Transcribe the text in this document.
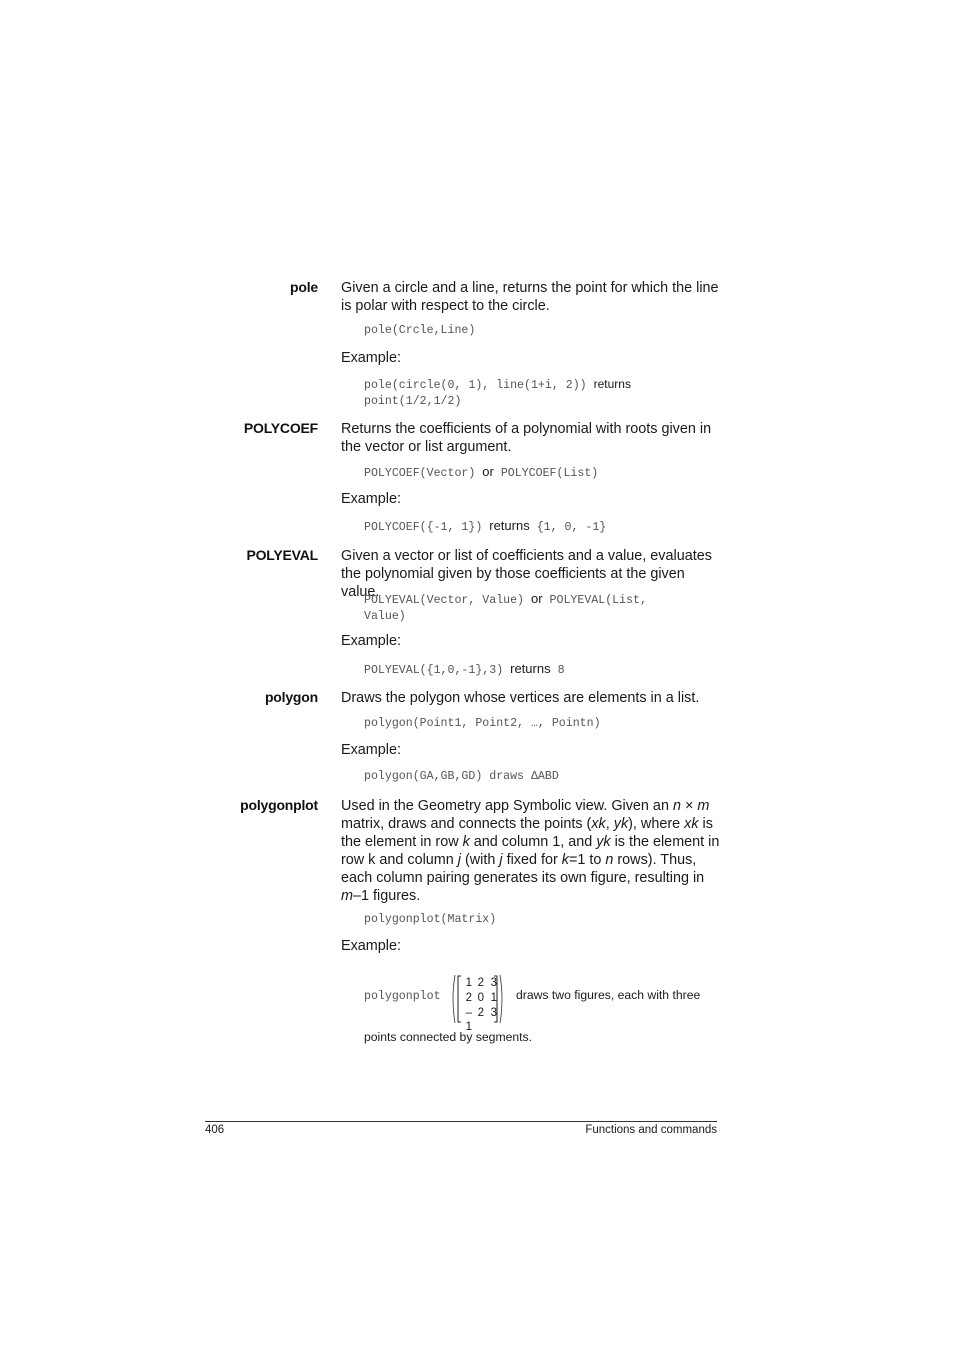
pole Given a circle and a line, returns the point for which the line is polar with respect to the circle.
pole(Crcle,Line)
Example:
pole(circle(0, 1), line(1+i, 2)) returns
point(1/2,1/2)
POLYCOEF Returns the coefficients of a polynomial with roots given in the vector or list argument.
POLYCOEF(Vector) or POLYCOEF(List)
Example:
POLYCOEF({-1, 1}) returns {1, 0, -1}
POLYEVAL Given a vector or list of coefficients and a value, evaluates the polynomial given by those coefficients at the given value.
POLYEVAL(Vector, Value) or POLYEVAL(List,
Value)
Example:
POLYEVAL({1,0,-1},3) returns 8
polygon Draws the polygon whose vertices are elements in a list.
polygon(Point1, Point2, …, Pointn)
Example:
polygon(GA,GB,GD) draws ΔABD
polygonplot Used in the Geometry app Symbolic view. Given an n × m matrix, draws and connects the points (xk, yk), where xk is the element in row k and column 1, and yk is the element in row k and column j (with j fixed for k=1 to n rows). Thus, each column pairing generates its own figure, resulting in m–1 figures.
polygonplot(Matrix)
Example:
polygonplot
1 2 3
2 0 1
–1
2 3
draws two figures, each with three
points connected by segments.
406	Functions and commands
